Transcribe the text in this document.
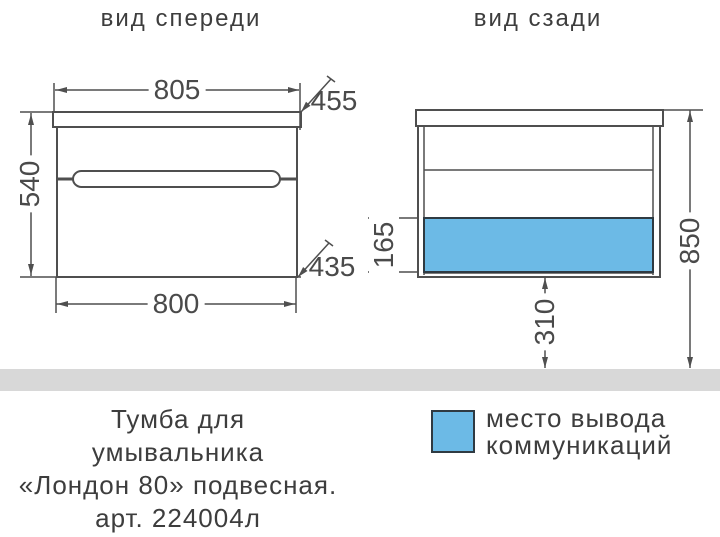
вид спереди	вид сзади
805	455
540
435
800
165
310
850
Тумба для
умывальника
«Лондон 80» подвесная.
арт. 224004л
место вывода
коммуникаций
